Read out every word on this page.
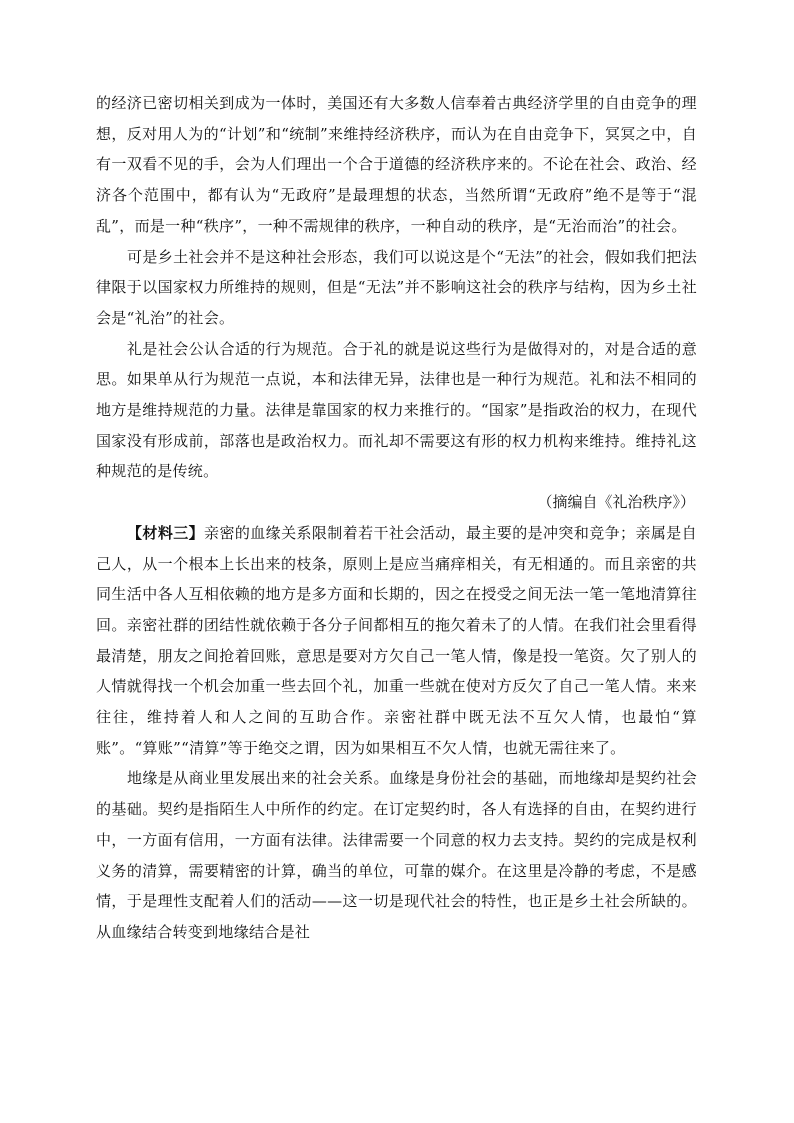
的经济已密切相关到成为一体时，美国还有大多数人信奉着古典经济学里的自由竞争的理想，反对用人为的“计划”和“统制”来维持经济秩序，而认为在自由竞争下，冥冥之中，自有一双看不见的手，会为人们理出一个合于道德的经济秩序来的。不论在社会、政治、经济各个范围中，都有认为“无政府”是最理想的状态，当然所谓“无政府”绝不是等于“混乱”，而是一种“秩序”，一种不需规律的秩序，一种自动的秩序，是“无治而治”的社会。

可是乡土社会并不是这种社会形态，我们可以说这是个“无法”的社会，假如我们把法律限于以国家权力所维持的规则，但是“无法”并不影响这社会的秩序与结构，因为乡土社会是“礼治”的社会。

礼是社会公认合适的行为规范。合于礼的就是说这些行为是做得对的，对是合适的意思。如果单从行为规范一点说，本和法律无异，法律也是一种行为规范。礼和法不相同的地方是维持规范的力量。法律是靠国家的权力来推行的。“国家”是指政治的权力，在现代国家没有形成前，部落也是政治权力。而礼却不需要这有形的权力机构来维持。维持礼这种规范的是传统。

（摘编自《礼治秩序》）

【材料三】亲密的血缘关系限制着若干社会活动，最主要的是冲突和竞争；亲属是自己人，从一个根本上长出来的枝条，原则上是应当痛痒相关，有无相通的。而且亲密的共同生活中各人互相依赖的地方是多方面和长期的，因之在授受之间无法一笔一笔地清算往回。亲密社群的团结性就依赖于各分子间都相互的拖欠着未了的人情。在我们社会里看得最清楚，朋友之间抢着回账，意思是要对方欠自己一笔人情，像是投一笔资。欠了别人的人情就得找一个机会加重一些去回个礼，加重一些就在使对方反欠了自己一笔人情。来来往往，维持着人和人之间的互助合作。亲密社群中既无法不互欠人情，也最怕“算账”。“算账”“清算”等于绝交之谓，因为如果相互不欠人情，也就无需往来了。

地缘是从商业里发展出来的社会关系。血缘是身份社会的基础，而地缘却是契约社会的基础。契约是指陌生人中所作的约定。在订定契约时，各人有选择的自由，在契约进行中，一方面有信用，一方面有法律。法律需要一个同意的权力去支持。契约的完成是权利义务的清算，需要精密的计算，确当的单位，可靠的媒介。在这里是冷静的考虑，不是感情，于是理性支配着人们的活动——这一切是现代社会的特性，也正是乡土社会所缺的。从血缘结合转变到地缘结合是社
